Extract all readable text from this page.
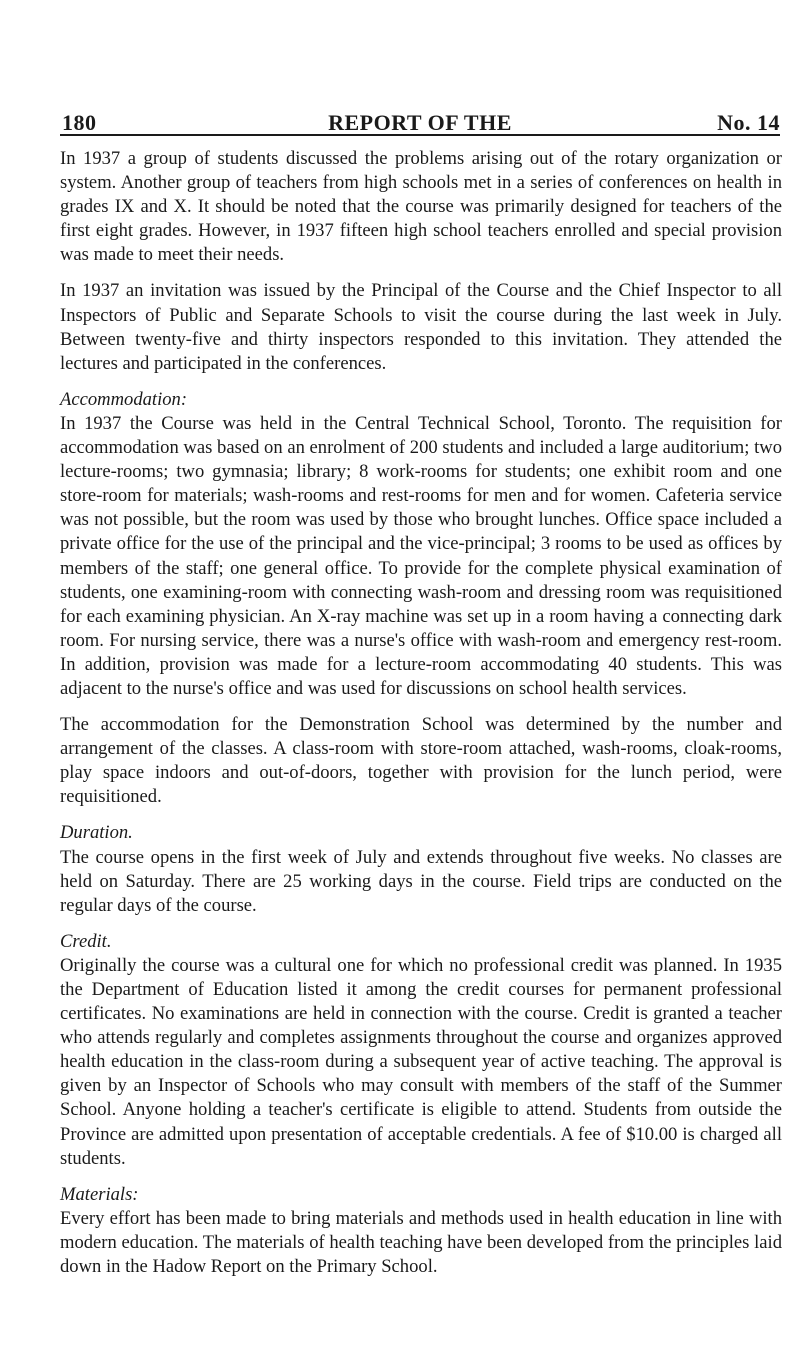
180	REPORT OF THE	No. 14

In 1937 a group of students discussed the problems arising out of the rotary organization or system. Another group of teachers from high schools met in a series of conferences on health in grades IX and X. It should be noted that the course was primarily designed for teachers of the first eight grades. However, in 1937 fifteen high school teachers enrolled and special provision was made to meet their needs.

In 1937 an invitation was issued by the Principal of the Course and the Chief Inspector to all Inspectors of Public and Separate Schools to visit the course during the last week in July. Between twenty-five and thirty inspectors responded to this invitation. They attended the lectures and participated in the conferences.

Accommodation:

In 1937 the Course was held in the Central Technical School, Toronto. The requisition for accommodation was based on an enrolment of 200 students and included a large auditorium; two lecture-rooms; two gymnasia; library; 8 work-rooms for students; one exhibit room and one store-room for materials; wash-rooms and rest-rooms for men and for women. Cafeteria service was not possible, but the room was used by those who brought lunches. Office space included a private office for the use of the principal and the vice-principal; 3 rooms to be used as offices by members of the staff; one general office. To provide for the complete physical examination of students, one examining-room with connecting wash-room and dressing room was requisitioned for each examining physician. An X-ray machine was set up in a room having a connecting dark room. For nursing service, there was a nurse's office with wash-room and emergency rest-room. In addition, provision was made for a lecture-room accommodating 40 students. This was adjacent to the nurse's office and was used for discussions on school health services.

The accommodation for the Demonstration School was determined by the number and arrangement of the classes. A class-room with store-room attached, wash-rooms, cloak-rooms, play space indoors and out-of-doors, together with provision for the lunch period, were requisitioned.

Duration.

The course opens in the first week of July and extends throughout five weeks. No classes are held on Saturday. There are 25 working days in the course. Field trips are conducted on the regular days of the course.

Credit.

Originally the course was a cultural one for which no professional credit was planned. In 1935 the Department of Education listed it among the credit courses for permanent professional certificates. No examinations are held in connection with the course. Credit is granted a teacher who attends regularly and completes assignments throughout the course and organizes approved health education in the class-room during a subsequent year of active teaching. The approval is given by an Inspector of Schools who may consult with members of the staff of the Summer School. Anyone holding a teacher's certificate is eligible to attend. Students from outside the Province are admitted upon presentation of acceptable credentials. A fee of $10.00 is charged all students.

Materials:

Every effort has been made to bring materials and methods used in health education in line with modern education. The materials of health teaching have been developed from the principles laid down in the Hadow Report on the Primary School.
